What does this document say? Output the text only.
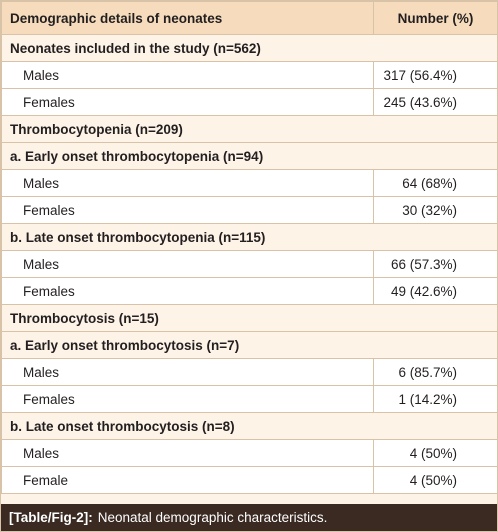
Demographic details of neonates	Number (%)
Neonates included in the study (n=562)	
Males	317 (56.4%)
Females	245 (43.6%)
Thrombocytopenia (n=209)	
a. Early onset thrombocytopenia (n=94)	
Males	64 (68%)
Females	30 (32%)
b. Late onset thrombocytopenia (n=115)	
Males	66 (57.3%)
Females	49 (42.6%)
Thrombocytosis (n=15)	
a. Early onset thrombocytosis (n=7)	
Males	6 (85.7%)
Females	1 (14.2%)
b. Late onset thrombocytosis (n=8)	
Males	4 (50%)
Female	4 (50%)
[Table/Fig-2]: Neonatal demographic characteristics.
